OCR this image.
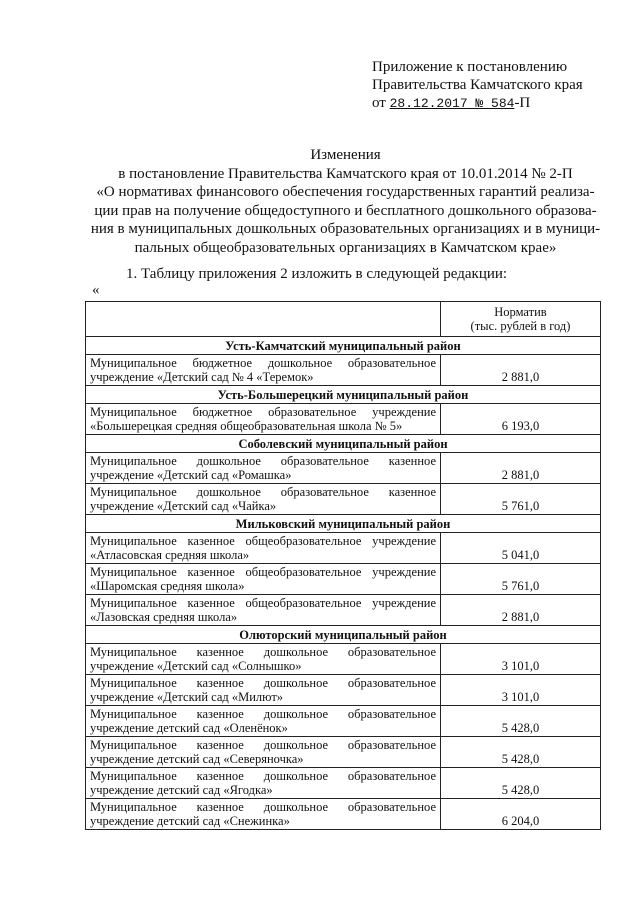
Приложение к постановлению
Правительства Камчатского края
от 28.12.2017 № 584-П
Изменения
в постановление Правительства Камчатского края от 10.01.2014 № 2-П
«О нормативах финансового обеспечения государственных гарантий реализа-
ции прав на получение общедоступного и бесплатного дошкольного образова-
ния в муниципальных дошкольных образовательных организациях и в муници-
пальных общеобразовательных организациях в Камчатском крае»
1. Таблицу приложения 2 изложить в следующей редакции:
«

	Норматив
(тыс. рублей в год)

Усть-Камчатский муниципальный район	

Муниципальное бюджетное дошкольное образовательное
учреждение «Детский сад № 4 «Теремок»	2 881,0
Усть-Большерецкий муниципальный район	

Муниципальное бюджетное образовательное учреждение
«Большерецкая средняя общеобразовательная школа № 5»	6 193,0
Соболевский муниципальный район	

Муниципальное дошкольное образовательное казенное
учреждение «Детский сад «Ромашка»	2 881,0

Муниципальное дошкольное образовательное казенное
учреждение «Детский сад «Чайка»	5 761,0
Мильковский муниципальный район	

Муниципальное казенное общеобразовательное учреждение
«Атласовская средняя школа»	5 041,0

Муниципальное казенное общеобразовательное учреждение
«Шаромская средняя школа»	5 761,0

Муниципальное казенное общеобразовательное учреждение
«Лазовская средняя школа»	2 881,0
Олюторский муниципальный район	

Муниципальное казенное дошкольное образовательное
учреждение «Детский сад «Солнышко»	3 101,0

Муниципальное казенное дошкольное образовательное
учреждение «Детский сад «Милют»	3 101,0

Муниципальное казенное дошкольное образовательное
учреждение детский сад «Оленёнок»	5 428,0

Муниципальное казенное дошкольное образовательное
учреждение детский сад «Северяночка»	5 428,0

Муниципальное казенное дошкольное образовательное
учреждение детский сад «Ягодка»	5 428,0

Муниципальное казенное дошкольное образовательное
учреждение детский сад «Снежинка»	6 204,0
